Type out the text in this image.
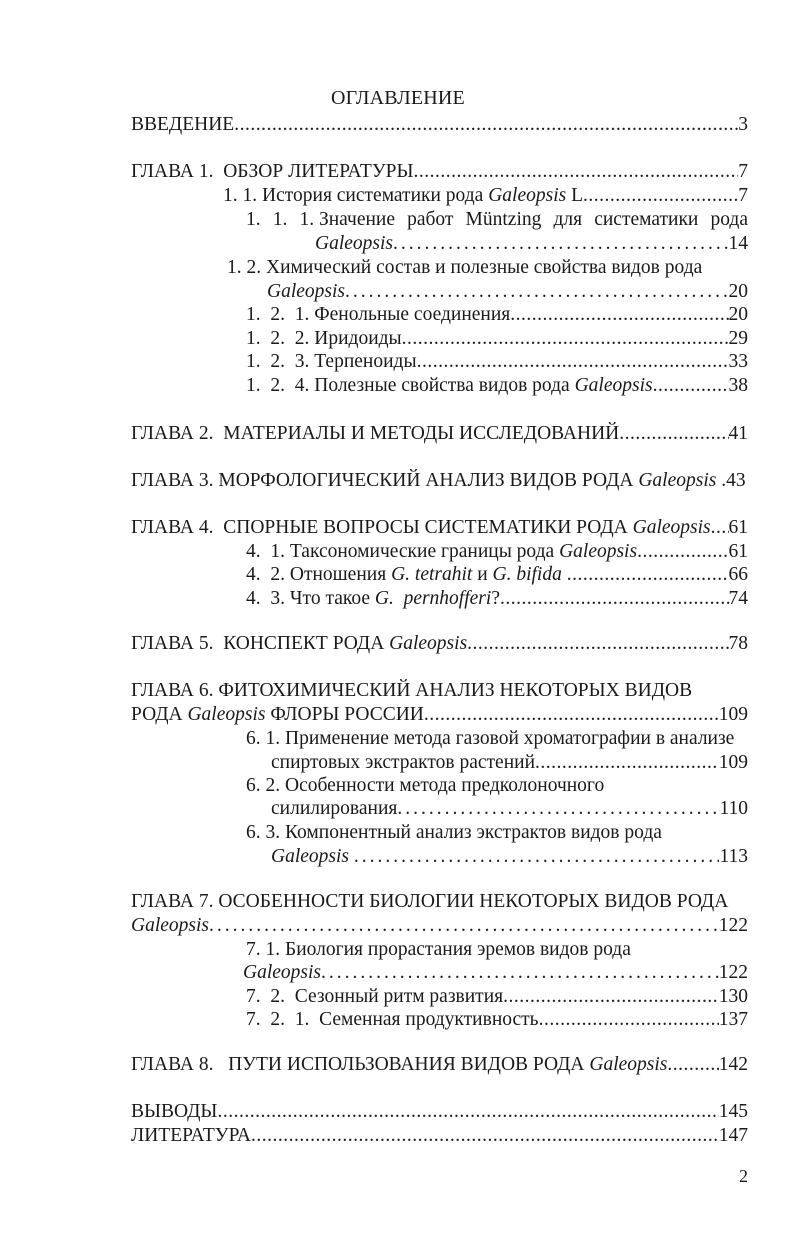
ОГЛАВЛЕНИЕ
ВВЕДЕНИЕ .....	3
ГЛАВА 1.  ОБЗОР ЛИТЕРАТУРЫ .....	7
1. 1. История систематики рода Galeopsis L .....	7
1. 1. 1. Значение работ Müntzing для систематики рода
Galeopsis .....	14
1. 2. Химический состав и полезные свойства видов рода
Galeopsis .....	20
1.  2.  1. Фенольные соединения .....	20
1.  2.  2. Иридоиды .....	29
1.  2.  3. Терпеноиды .....	33
1.  2.  4. Полезные свойства видов рода Galeopsis .....	38
ГЛАВА 2.  МАТЕРИАЛЫ И МЕТОДЫ ИССЛЕДОВАНИЙ .....	41
ГЛАВА 3. МОРФОЛОГИЧЕСКИЙ АНАЛИЗ ВИДОВ РОДА Galeopsis .43
ГЛАВА 4.  СПОРНЫЕ ВОПРОСЫ СИСТЕМАТИКИ РОДА Galeopsis ..... 61
4.  1. Таксономические границы рода Galeopsis .....	61
4.  2. Отношения G. tetrahit и G. bifida .....	66
4.  3. Что такое G.  pernhofferi? .....	74
ГЛАВА 5.  КОНСПЕКТ РОДА Galeopsis .....	78
ГЛАВА 6. ФИТОХИМИЧЕСКИЙ АНАЛИЗ НЕКОТОРЫХ ВИДОВ
РОДА Galeopsis ФЛОРЫ РОССИИ .....	109
6. 1. Применение метода газовой хроматографии в анализе
спиртовых экстрактов растений .....	109
6. 2. Особенности метода предколоночного
силилирования .....	110
6. 3. Компонентный анализ экстрактов видов рода
Galeopsis .....	113
ГЛАВА 7. ОСОБЕННОСТИ БИОЛОГИИ НЕКОТОРЫХ ВИДОВ РОДА
Galeopsis .....	122
7. 1. Биология прорастания эремов видов рода
Galeopsis .....	122
7.  2.  Сезонный ритм развития .....	130
7.  2.  1.  Семенная продуктивность .....	137
ГЛАВА 8.   ПУТИ ИСПОЛЬЗОВАНИЯ ВИДОВ РОДА Galeopsis .....	142
ВЫВОДЫ .....	145
ЛИТЕРАТУРА .....	147
2
